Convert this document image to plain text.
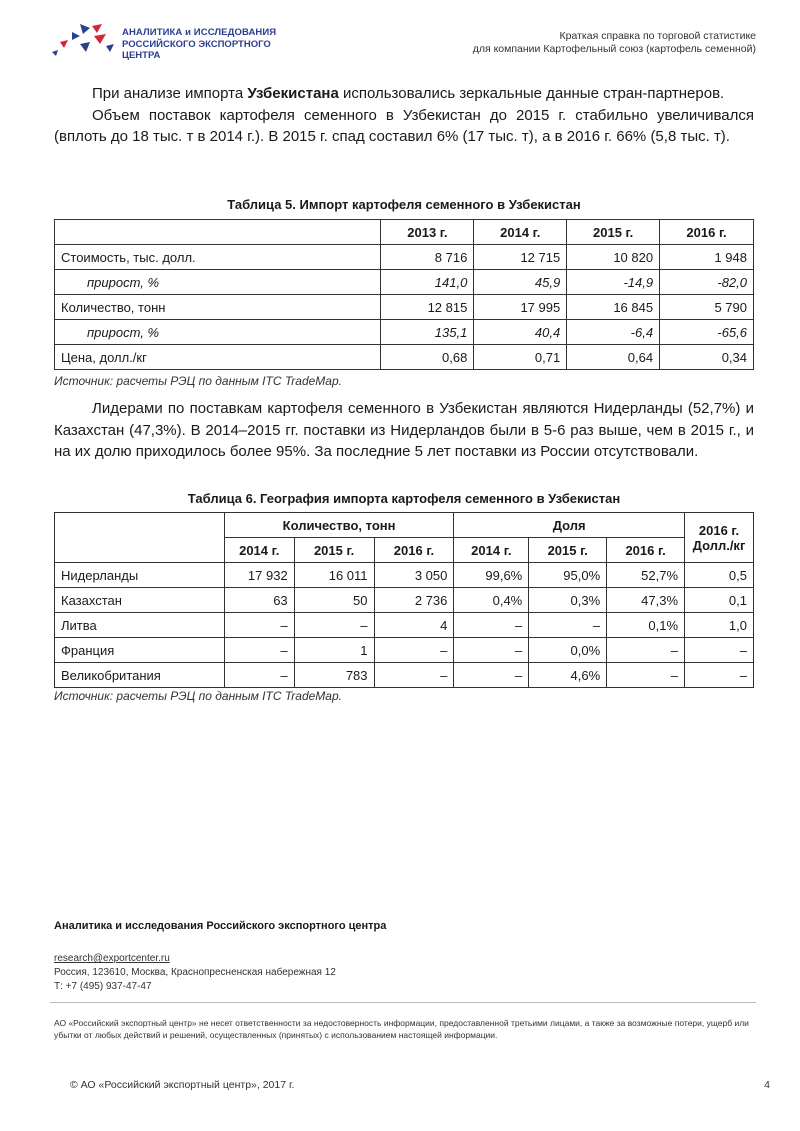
АНАЛИТИКА и ИССЛЕДОВАНИЯ
РОССИЙСКОГО ЭКСПОРТНОГО ЦЕНТРА
Краткая справка по торговой статистике
для компании Картофельный союз (картофель семенной)

При анализе импорта Узбекистана использовались зеркальные данные стран-партнеров.

Объем поставок картофеля семенного в Узбекистан до 2015 г. стабильно увеличивался (вплоть до 18 тыс. т в 2014 г.). В 2015 г. спад составил 6% (17 тыс. т), а в 2016 г. 66% (5,8 тыс. т).

Таблица 5. Импорт картофеля семенного в Узбекистан
	2013 г.	2014 г.	2015 г.	2016 г.
Стоимость, тыс. долл.	8 716	12 715	10 820	1 948
прирост, %	141,0	45,9	-14,9	-82,0
Количество, тонн	12 815	17 995	16 845	5 790
прирост, %	135,1	40,4	-6,4	-65,6
Цена, долл./кг	0,68	0,71	0,64	0,34
Источник: расчеты РЭЦ по данным ITC TradeMap.

Лидерами по поставкам картофеля семенного в Узбекистан являются Нидерланды (52,7%) и Казахстан (47,3%). В 2014–2015 гг. поставки из Нидерландов были в 5-6 раз выше, чем в 2015 г., и на их долю приходилось более 95%. За последние 5 лет поставки из России отсутствовали.

Таблица 6. География импорта картофеля семенного в Узбекистан
	Количество, тонн			Доля			2016 г.
Долл./кг

	2014 г.	2015 г.	2016 г.	2014 г.	2015 г.	2016 г.	
Нидерланды	17 932	16 011	3 050	99,6%	95,0%	52,7%	0,5
Казахстан	63	50	2 736	0,4%	0,3%	47,3%	0,1
Литва	–	–	4	–	–	0,1%	1,0
Франция	–	1	–	–	0,0%	–	–
Великобритания	–	783	–	–	4,6%	–	–
Источник: расчеты РЭЦ по данным ITC TradeMap.
Аналитика и исследования Российского экспортного центра
research@exportcenter.ru
Россия, 123610, Москва, Краснопресненская набережная 12
Т: +7 (495) 937-47-47
АО «Российский экспортный центр» не несет ответственности за недостоверность информации, предоставленной третьими лицами, а также за возможные потери, ущерб или убытки от любых действий и решений, осуществленных (принятых) с использованием настоящей информации.
© АО «Российский экспортный центр», 2017 г.	4
